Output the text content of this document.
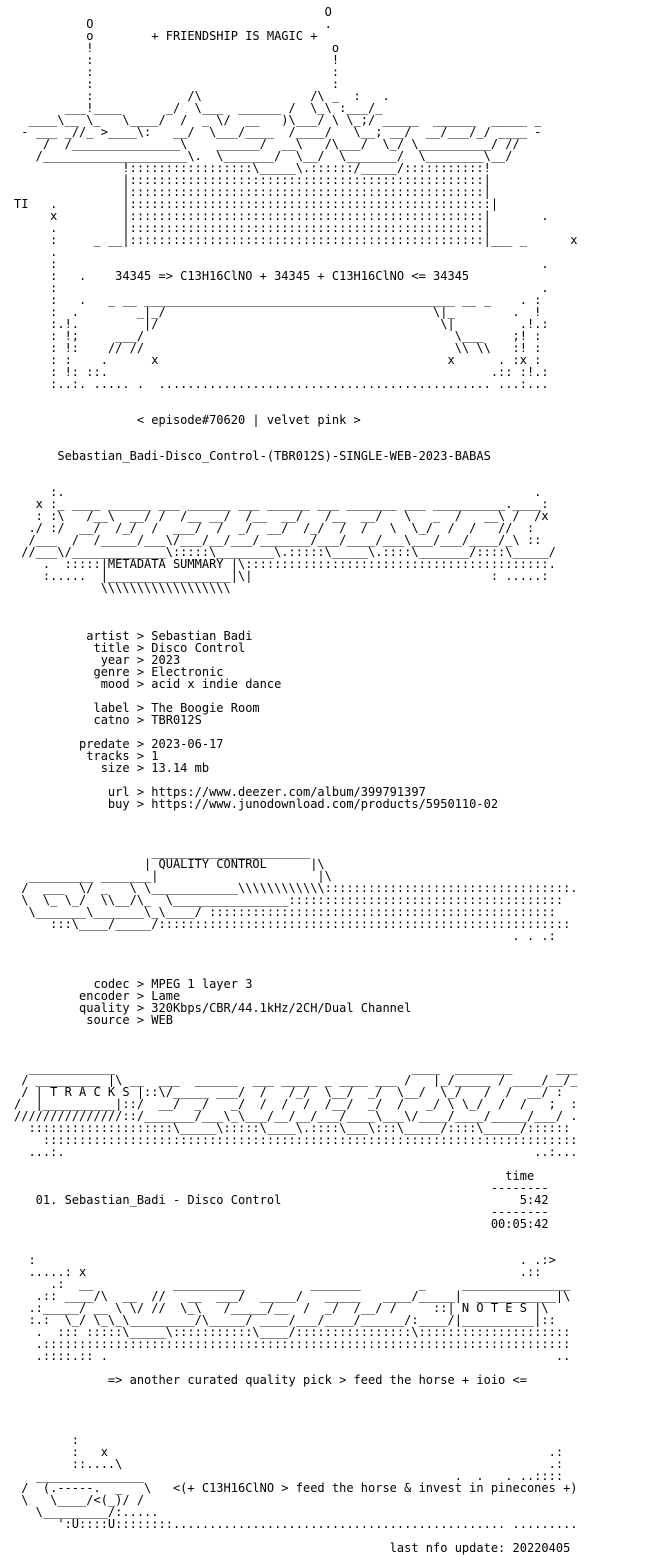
O
O                                .
o        + FRIENDSHIP IS MAGIC +
!                                 o
:                                 !
:                                 :
:                                 :
:             /\               /\ _  :   .
___!____      _/  \___  ______ /  \_\ :___/_
____\__ \_   \____/  /  _ \/  __   )\___/ \ \_;/ _____  ______  _____ _
- ___ _//_ >____\:   __/  \___/____  /____/   \__; __/  __/___/_/ ____ -
/  /_______________\    ______/  __\   /\___/  \_/ \__________/ //
/____________________\.  \_______/  \__/  \_______/  \________\__/
!:::::::::::::::::\_____\.::::::/_____/:::::::::::!
|:::::::::::::::::::::::::::::::::::::::::::::::::|
|:::::::::::::::::::::::::::::::::::::::::::::::::|
TI   .         |::::::::::::::::::::::::::::::::::::::::::::::::::|
x         |:::::::::::::::::::::::::::::::::::::::::::::::::|       .
.         |:::::::::::::::::::::::::::::::::::::::::::::::::|
:     _ __|:::::::::::::::::::::::::::::::::::::::::::::::::|___ _      x
.
:                                                                   .
:   .    34345 => C13H16ClNO + 34345 + C13H16ClNO <= 34345
:                                                                   .
:   .   _ __ ___________________________________________ __ _    . :
:  .        _|_/                                     \|_        .  !
:.!.         |/                                       \|         .!.:
: !;     ___/                                           \___    ;! :
: !:    // //                                           \\ \\   :! :
: :    .      x                                        x      . :x :
: !: ::.                                                     .:: :!.:
:..:. ..... .  .............................................. ...:...
< episode#70620 | velvet pink >
Sebastian_Badi-Disco_Control-(TBR012S)-SINGLE-WEB-2023-BABAS
:.                                                                 .
x :_ ____ ______ ___ ______ ___ ______ ___ _______ ___ __________.____:
: :\   /__\  __/ /  /__ __/  /__  __/   /__  __/   \   _  /   __\ /  /x
./ :/  __/  /_/  /  ___/  /  _/  __/  /_/  /  /   \  \_/  /  /   //  :
/___  /  /_____/___\/___/__/___/_______/___/____/___\___/___/____/_\ ::
//___\/_____________\:::::\________\.:::::\_____\.::::\_______/::::\_____/
.  :::::|METADATA SUMMARY |\::::::::::::::::::::::::::::::::::::::::::.
:.....  |_________________|\|                                 : .....:
\\\\\\\\\\\\\\\\\\
artist > Sebastian Badi
title > Disco Control
year > 2023
genre > Electronic
mood > acid x indie dance
label > The Boogie Room
catno > TBR012S
predate > 2023-06-17
tracks > 1
size > 13.14 mb
url > https://www.deezer.com/album/399791397
buy > https://www.junodownload.com/products/5950110-02
______________________
| QUALITY CONTROL      |\
_________ _______|                      |\
/  ___  \/ _   \ \____________\\\\\\\\\\\\::::::::::::::::::::::::::::::::::.
\  \_ \_/  \\__/\_  \________________::::::::::::::::::::::::::::::::::::::
\_______\_______\_\____/ ::::::::::::::::::::::::::::::::::::::::::::::::
:::\____/_____/:::::::::::::::::::::::::::::::::::::::::::::::::::::::::
. . .:
codec > MPEG 1 layer 3
encoder > Lame
quality > 320Kbps/CBR/44.1kHz/2CH/Dual Channel
source > WEB
____________                                         ____  ________      ___
/ _________ |\ __  ___  ______  ___ _____ _ ____ ___ /   |_/_____ / ____/__/_
/ | T R A C K S |::\/_____ ___/  /   /_/  \__/  _/  \__/  \_/   /  /  __/ :
/  |__________|::/  __/  _/   _/  /  /  /  /__/  _/  /   _/ \ \_/  /  /   ;  :
///////////////::/_______/___\_\___/__/__/___/____\___\/____/____/_____/___/ .
::::::::::::::::::::\_____\:::::\____\.::::\___\:::\_____/::::\_____/::::::
::::::::::::::::::::::::::::::::::::::::::::::::::::::::::::::::::::::::::
...:.                                                                 ..:...
time
--------
01. Sebastian_Badi - Disco Control                                 5:42
--------
00:05:42
:                                                                   . .:>
.....: x                                                            .::
.:  __           __________         _______        _     _______________
.:: ____/\  __  //   __  ___/  _____/   _____   ____/_____|  ___________|\
.:_____/ __ \ \/ //  \_\   /_____/__  /  _/  /__/ /     ::| N O T E S |\
:.:  \_/ \_\_\_________/\_____/ ____/___/____/______/:____/|__________|::
.  ::: :::::\_____\:::::::::::\____/::::::::::::::::\:::::::::::::::::::::
.:::::::::::::::::::::::::::::::::::::::::::::::::::::::::::::::::::::::::
.::::.:: .                                                              ..
=> another curated quality pick > feed the horse + ioio <=
:
:   x                                                             .:
::....\                                                           .:
_______________                                           .  .   . ..::::
/  (.-----.  _   \   <(+ C13H16ClNO > feed the horse & invest in pinecones +)
\   \____/<(_)/ /
\_________/:.....
':U::::U::::::::.............................................. .........
last nfo update: 20220405
